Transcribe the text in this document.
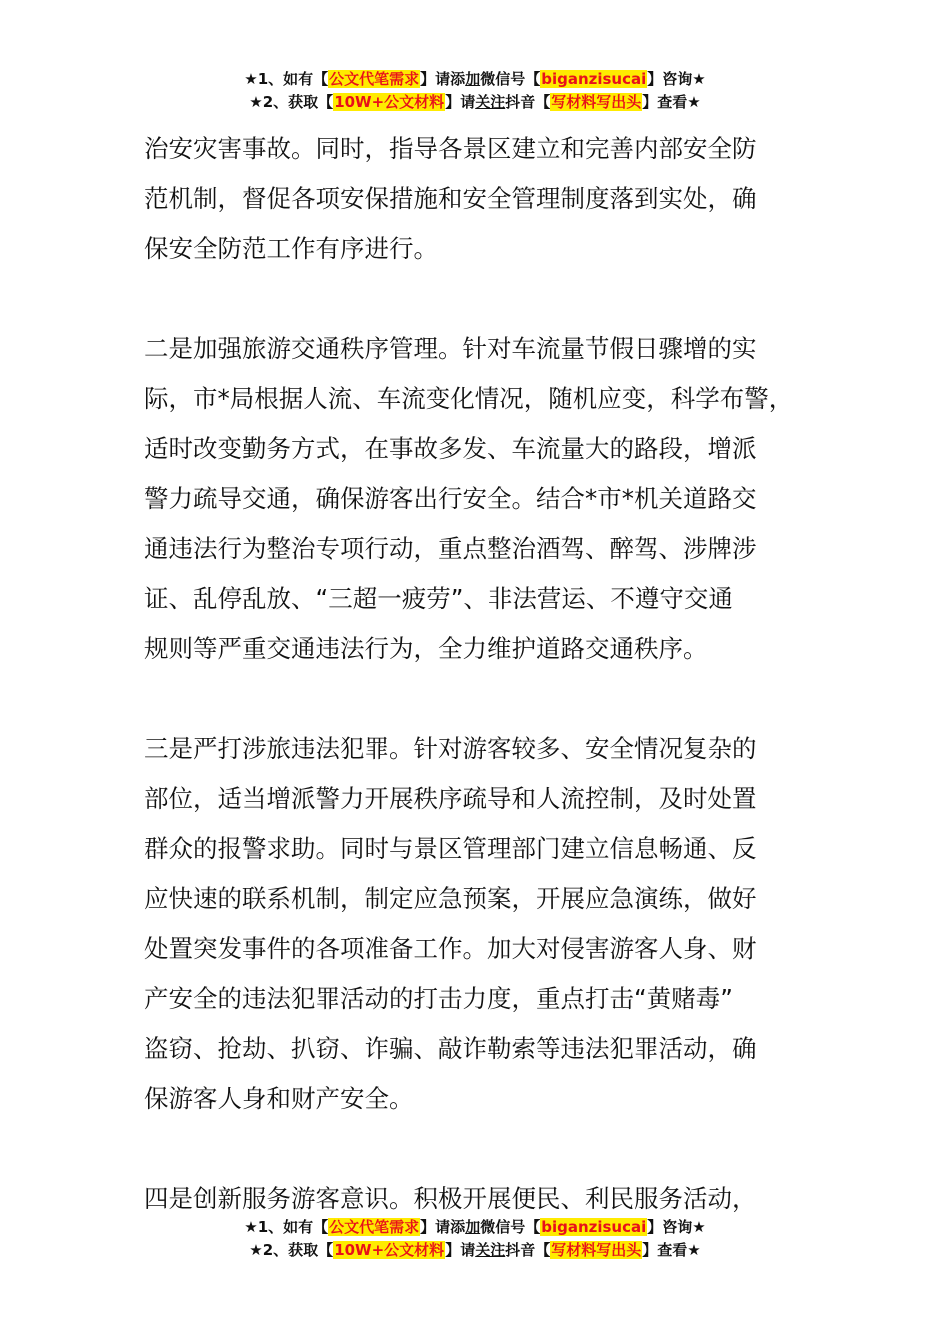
★1、如有【公文代笔需求】请添加微信号【biganzisucai】咨询★
★2、获取【10W+公文材料】请关注抖音【写材料写出头】查看★

治安灾害事故。同时，指导各景区建立和完善内部安全防
范机制，督促各项安保措施和安全管理制度落到实处，确
保安全防范工作有序进行。

二是加强旅游交通秩序管理。针对车流量节假日骤增的实
际，市*局根据人流、车流变化情况，随机应变，科学布警，
适时改变勤务方式，在事故多发、车流量大的路段，增派
警力疏导交通，确保游客出行安全。结合*市*机关道路交
通违法行为整治专项行动，重点整治酒驾、醉驾、涉牌涉
证、乱停乱放、“三超一疲劳”、非法营运、不遵守交通
规则等严重交通违法行为，全力维护道路交通秩序。

三是严打涉旅违法犯罪。针对游客较多、安全情况复杂的
部位，适当增派警力开展秩序疏导和人流控制，及时处置
群众的报警求助。同时与景区管理部门建立信息畅通、反
应快速的联系机制，制定应急预案，开展应急演练，做好
处置突发事件的各项准备工作。加大对侵害游客人身、财
产安全的违法犯罪活动的打击力度，重点打击“黄赌毒”
盗窃、抢劫、扒窃、诈骗、敲诈勒索等违法犯罪活动，确
保游客人身和财产安全。

四是创新服务游客意识。积极开展便民、利民服务活动，

★1、如有【公文代笔需求】请添加微信号【biganzisucai】咨询★
★2、获取【10W+公文材料】请关注抖音【写材料写出头】查看★
